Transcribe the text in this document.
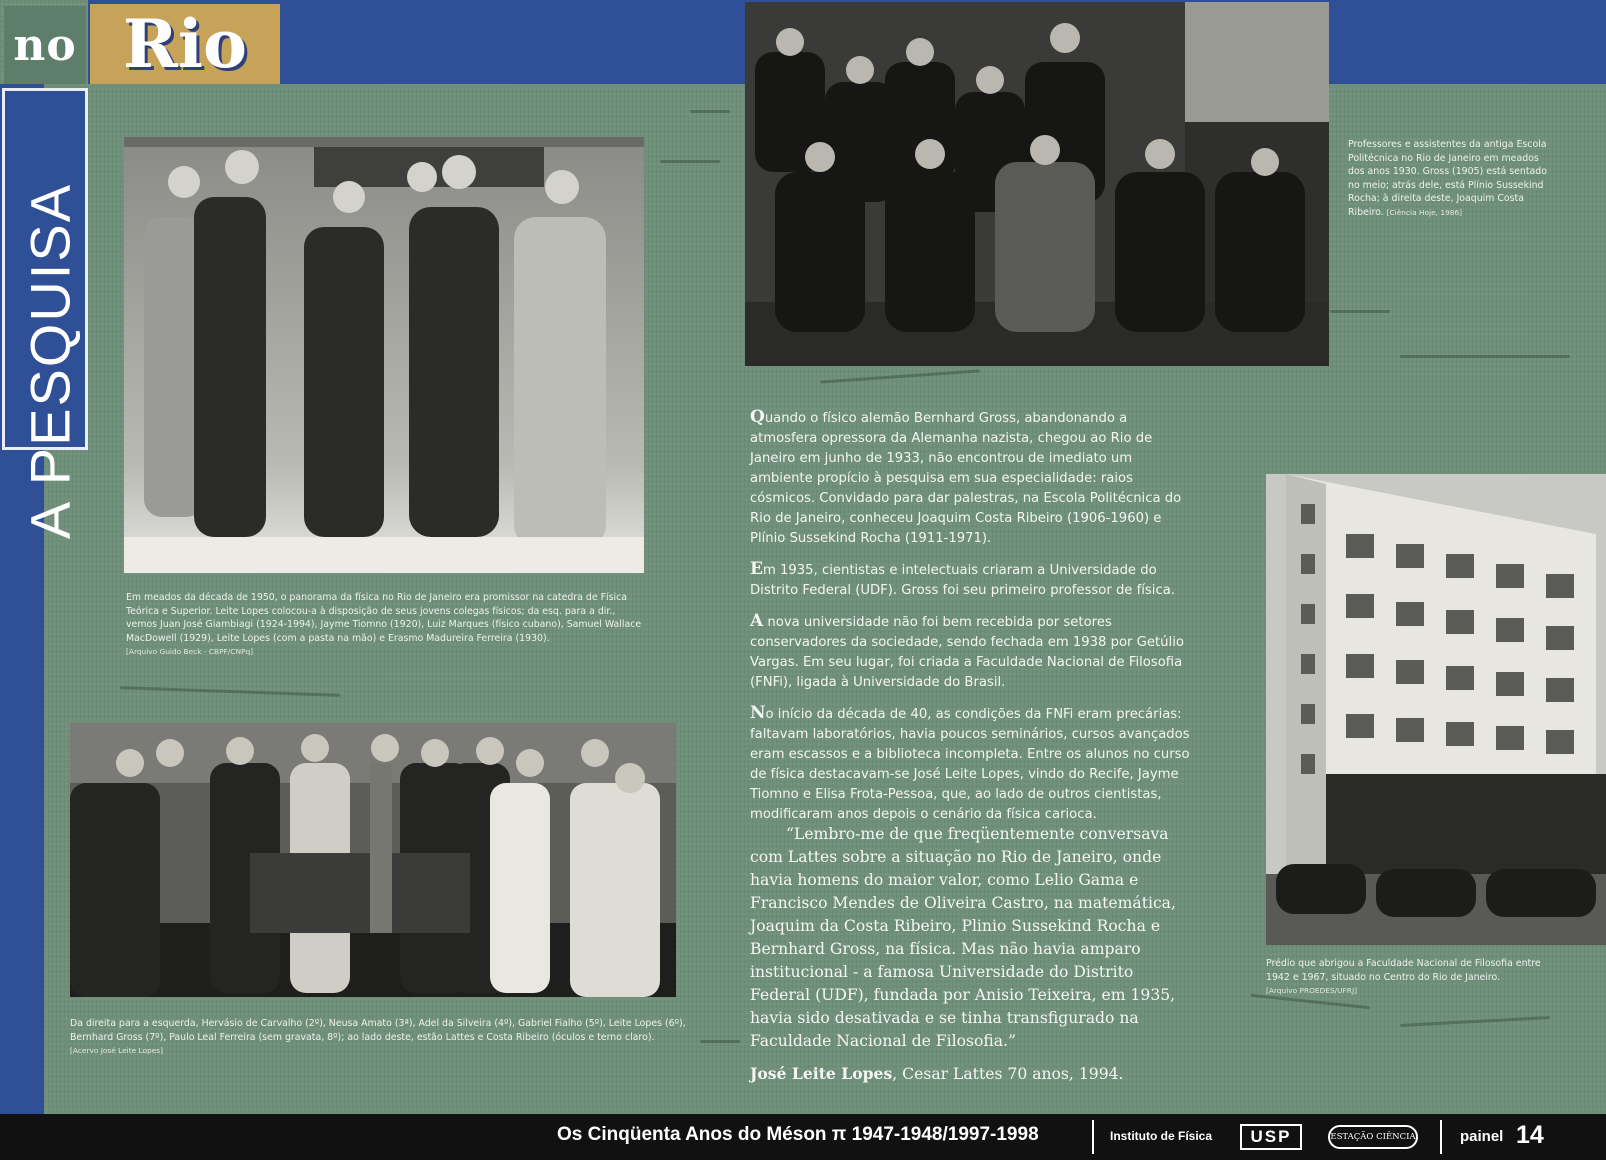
no Rio
A PESQUISA
Em meados da década de 1950, o panorama da física no Rio de Janeiro era promissor na catedra de Física Teórica e Superior. Leite Lopes colocou-a à disposição de seus jovens colegas físicos; da esq. para a dir., vemos Juan José Giambiagi (1924-1994), Jayme Tiomno (1920), Luiz Marques (físico cubano), Samuel Wallace MacDowell (1929), Leite Lopes (com a pasta na mão) e Erasmo Madureira Ferreira (1930).
[Arquivo Guido Beck - CBPF/CNPq]
Professores e assistentes da antiga Escola Politécnica no Rio de Janeiro em meados dos anos 1930. Gross (1905) está sentado no meio; atrás dele, está Plínio Sussekind Rocha; à direita deste, Joaquim Costa Ribeiro. [Ciência Hoje, 1986]
Da direita para a esquerda, Hervásio de Carvalho (2º), Neusa Amato (3ª), Adel da Silveira (4º), Gabriel Fialho (5º), Leite Lopes (6º), Bernhard Gross (7º), Paulo Leal Ferreira (sem gravata, 8º); ao lado deste, estão Lattes e Costa Ribeiro (óculos e terno claro).
[Acervo José Leite Lopes]
Prédio que abrigou a Faculdade Nacional de Filosofia entre 1942 e 1967, situado no Centro do Rio de Janeiro.
[Arquivo PROEDES/UFRJ]

Quando o físico alemão Bernhard Gross, abandonando a atmosfera opressora da Alemanha nazista, chegou ao Rio de Janeiro em junho de 1933, não encontrou de imediato um ambiente propício à pesquisa em sua especialidade: raios cósmicos. Convidado para dar palestras, na Escola Politécnica do Rio de Janeiro, conheceu Joaquim Costa Ribeiro (1906-1960) e Plínio Sussekind Rocha (1911-1971).

Em 1935, cientistas e intelectuais criaram a Universidade do Distrito Federal (UDF). Gross foi seu primeiro professor de física.

A nova universidade não foi bem recebida por setores conservadores da sociedade, sendo fechada em 1938 por Getúlio Vargas. Em seu lugar, foi criada a Faculdade Nacional de Filosofia (FNFi), ligada à Universidade do Brasil.

No início da década de 40, as condições da FNFi eram precárias: faltavam laboratórios, havia poucos seminários, cursos avançados eram escassos e a biblioteca incompleta. Entre os alunos no curso de física destacavam-se José Leite Lopes, vindo do Recife, Jayme Tiomno e Elisa Frota-Pessoa, que, ao lado de outros cientistas, modificaram anos depois o cenário da física carioca.

“Lembro-me de que freqüentemente conversava com Lattes sobre a situação no Rio de Janeiro, onde havia homens do maior valor, como Lelio Gama e Francisco Mendes de Oliveira Castro, na matemática, Joaquim da Costa Ribeiro, Plinio Sussekind Rocha e Bernhard Gross, na física. Mas não havia amparo institucional - a famosa Universidade do Distrito Federal (UDF), fundada por Anisio Teixeira, em 1935, havia sido desativada e se tinha transfigurado na Faculdade Nacional de Filosofia.”
José Leite Lopes, Cesar Lattes 70 anos, 1994.
Os Cinqüenta Anos do Méson π 1947-1948/1997-1998	Instituto de Física	USP	ESTAÇÃO CIÊNCIA	painel 14
